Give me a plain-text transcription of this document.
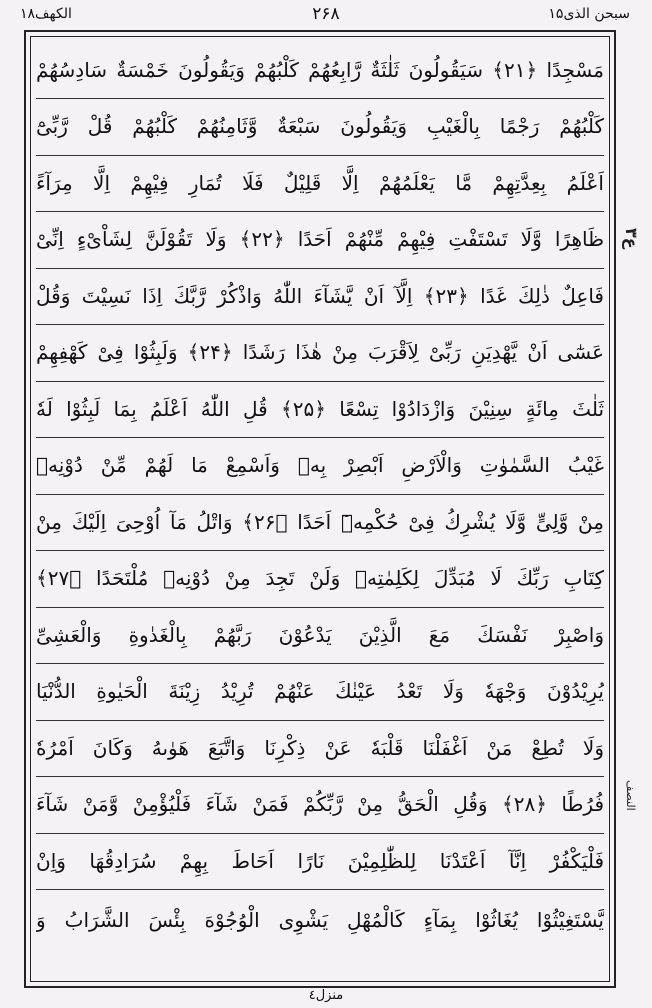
الکھف۱۸	۲۶۸	سبحن الذی۱۵
مَسْجِدًا ﴿۲۱﴾ سَيَقُولُونَ ثَلٰثَةٌ رَّابِعُهُمْ كَلْبُهُمْ وَيَقُولُونَ خَمْسَةٌ سَادِسُهُمْ
كَلْبُهُمْ رَجْمًا بِالْغَيْبِ وَيَقُولُونَ سَبْعَةٌ وَّثَامِنُهُمْ كَلْبُهُمْ قُلْ رَّبِّىْٓ
اَعْلَمُ بِعِدَّتِهِمْ مَّا يَعْلَمُهُمْ اِلَّا قَلِيْلٌ فَلَا تُمَارِ فِيْهِمْ اِلَّا مِرَآءً
ظَاهِرًا وَّلَا تَسْتَفْتِ فِيْهِمْ مِّنْهُمْ اَحَدًا ﴿۲۲﴾ وَلَا تَقُوْلَنَّ لِشَاْىْءٍ اِنِّىْ
فَاعِلٌ ذٰلِكَ غَدًا ﴿۲۳﴾ اِلَّآ اَنْ يَّشَآءَ اللّٰهُ وَاذْكُرْ رَّبَّكَ اِذَا نَسِيْتَ وَقُلْ
عَسٰٓى اَنْ يَّهْدِيَنِ رَبِّىْ لِاَقْرَبَ مِنْ هٰذَا رَشَدًا ﴿۲۴﴾ وَلَبِثُوْا فِىْ كَهْفِهِمْ
ثَلٰثَ مِائَةٍ سِنِيْنَ وَازْدَادُوْا تِسْعًا ﴿۲۵﴾ قُلِ اللّٰهُ اَعْلَمُ بِمَا لَبِثُوْا لَهٗ
غَيْبُ السَّمٰوٰتِ وَالْاَرْضِ اَبْصِرْ بِهٖ وَاَسْمِعْ مَا لَهُمْ مِّنْ دُوْنِهٖ
مِنْ وَّلِىٍّ وَّلَا يُشْرِكُ فِىْ حُكْمِهٖٓ اَحَدًا ﴿۲۶﴾ وَاتْلُ مَآ اُوْحِىَ اِلَيْكَ مِنْ
كِتَابِ رَبِّكَ لَا مُبَدِّلَ لِكَلِمٰتِهٖ وَلَنْ تَجِدَ مِنْ دُوْنِهٖ مُلْتَحَدًا ﴿۲۷﴾
وَاصْبِرْ نَفْسَكَ مَعَ الَّذِيْنَ يَدْعُوْنَ رَبَّهُمْ بِالْغَدٰوةِ وَالْعَشِىِّ
يُرِيْدُوْنَ وَجْهَهٗ وَلَا تَعْدُ عَيْنٰكَ عَنْهُمْ تُرِيْدُ زِيْنَةَ الْحَيٰوةِ الدُّنْيَا
وَلَا تُطِعْ مَنْ اَغْفَلْنَا قَلْبَهٗ عَنْ ذِكْرِنَا وَاتَّبَعَ هَوٰىهُ وَكَانَ اَمْرُهٗ
فُرُطًا ﴿۲۸﴾ وَقُلِ الْحَقُّ مِنْ رَّبِّكُمْ فَمَنْ شَآءَ فَلْيُؤْمِنْ وَّمَنْ شَآءَ
فَلْيَكْفُرْ اِنَّآ اَعْتَدْنَا لِلظّٰلِمِيْنَ نَارًا اَحَاطَ بِهِمْ سُرَادِقُهَا وَاِنْ
يَّسْتَغِيْثُوْا يُغَاثُوْا بِمَآءٍ كَالْمُهْلِ يَشْوِى الْوُجُوْهَ بِئْسَ الشَّرَابُ وَ
ع٣
النصف
منزل٤
